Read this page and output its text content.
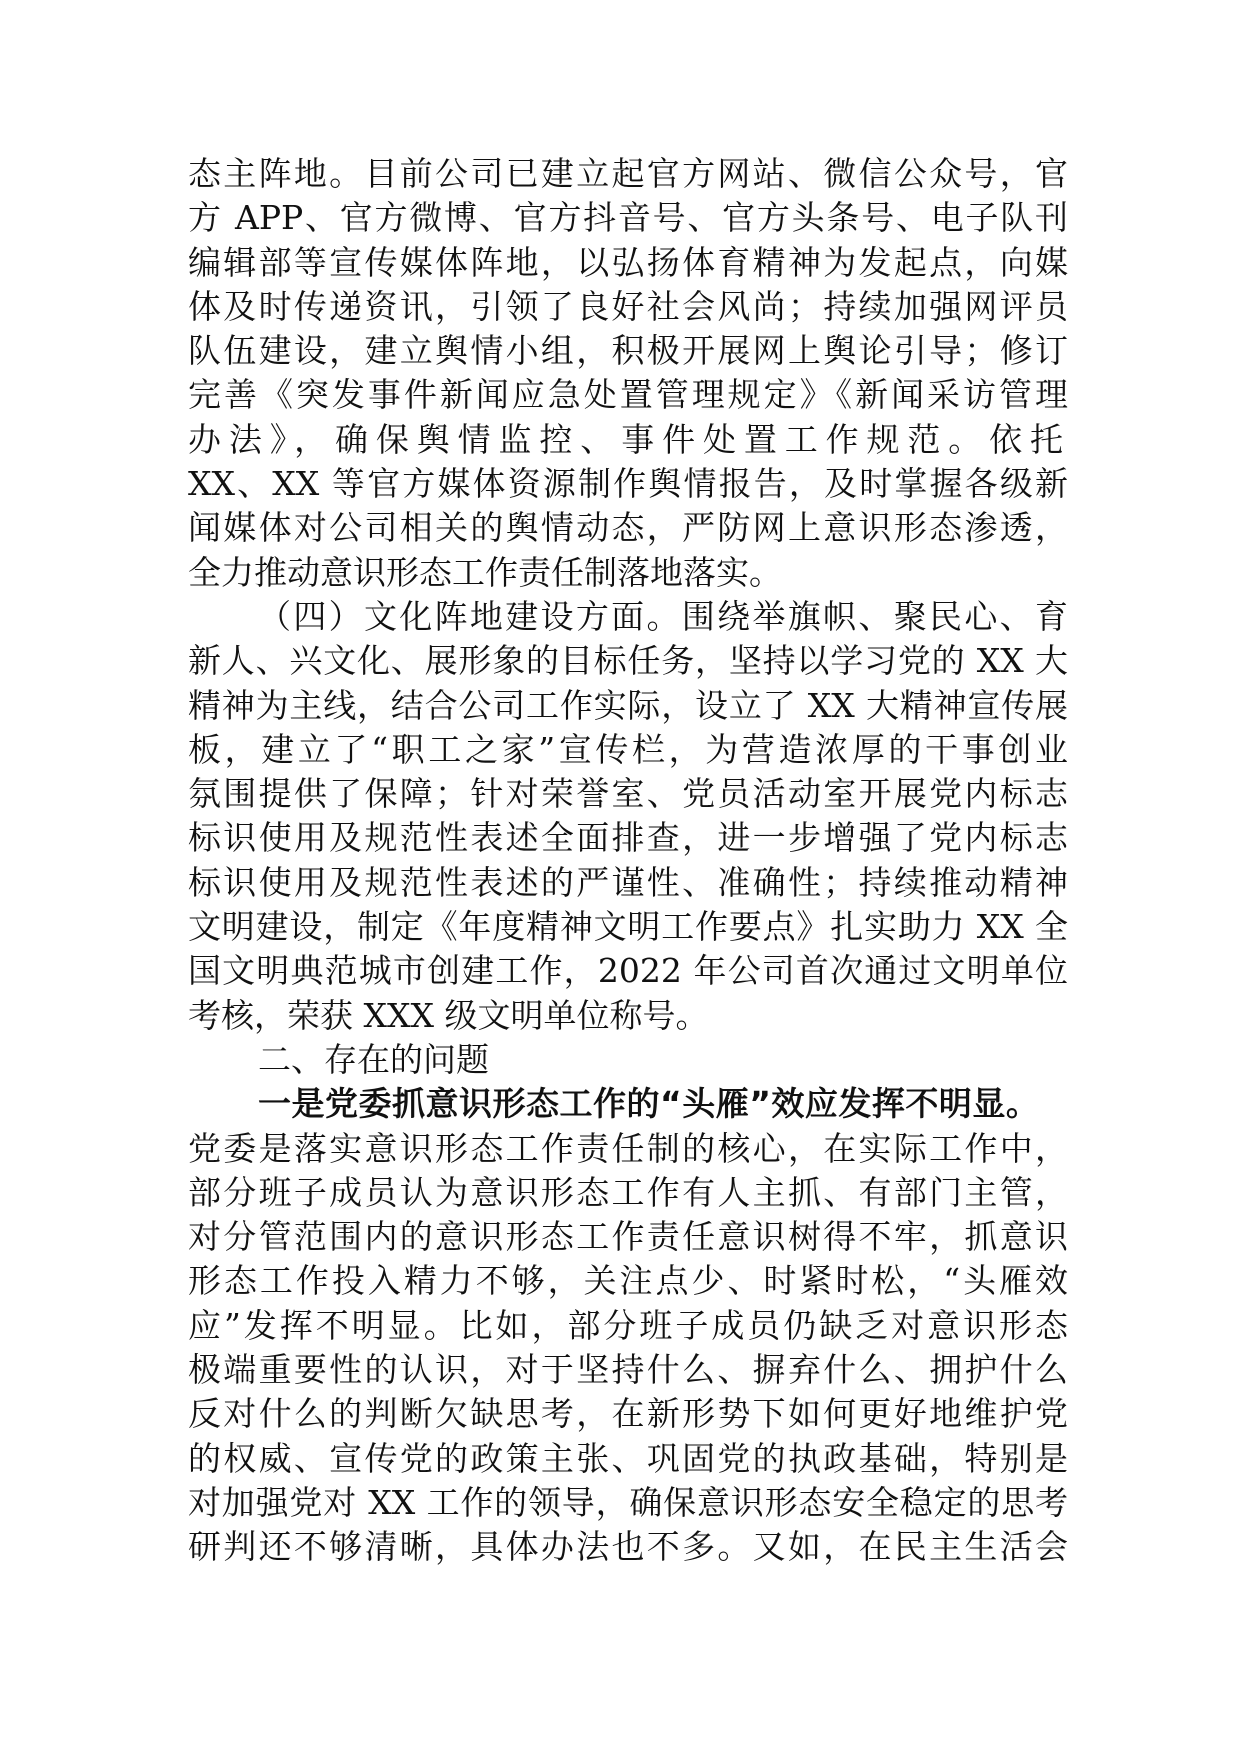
态主阵地。目前公司已建立起官方网站、微信公众号，官
方 APP、官方微博、官方抖音号、官方头条号、电子队刊
编辑部等宣传媒体阵地，以弘扬体育精神为发起点，向媒
体及时传递资讯，引领了良好社会风尚；持续加强网评员
队伍建设，建立舆情小组，积极开展网上舆论引导；修订
完善《突发事件新闻应急处置管理规定》《新闻采访管理
办法》，确保舆情监控、事件处置工作规范。依托
XX、XX 等官方媒体资源制作舆情报告，及时掌握各级新
闻媒体对公司相关的舆情动态，严防网上意识形态渗透，
全力推动意识形态工作责任制落地落实。
（四）文化阵地建设方面。围绕举旗帜、聚民心、育
新人、兴文化、展形象的目标任务，坚持以学习党的 XX 大
精神为主线，结合公司工作实际，设立了 XX 大精神宣传展
板，建立了“职工之家”宣传栏，为营造浓厚的干事创业
氛围提供了保障；针对荣誉室、党员活动室开展党内标志
标识使用及规范性表述全面排查，进一步增强了党内标志
标识使用及规范性表述的严谨性、准确性；持续推动精神
文明建设，制定《年度精神文明工作要点》扎实助力 XX 全
国文明典范城市创建工作，2022 年公司首次通过文明单位
考核，荣获 XXX 级文明单位称号。
二、存在的问题
一是党委抓意识形态工作的“头雁”效应发挥不明显。
党委是落实意识形态工作责任制的核心，在实际工作中，
部分班子成员认为意识形态工作有人主抓、有部门主管，
对分管范围内的意识形态工作责任意识树得不牢，抓意识
形态工作投入精力不够，关注点少、时紧时松，“头雁效
应”发挥不明显。比如，部分班子成员仍缺乏对意识形态
极端重要性的认识，对于坚持什么、摒弃什么、拥护什么
反对什么的判断欠缺思考，在新形势下如何更好地维护党
的权威、宣传党的政策主张、巩固党的执政基础，特别是
对加强党对 XX 工作的领导，确保意识形态安全稳定的思考
研判还不够清晰，具体办法也不多。又如，在民主生活会
